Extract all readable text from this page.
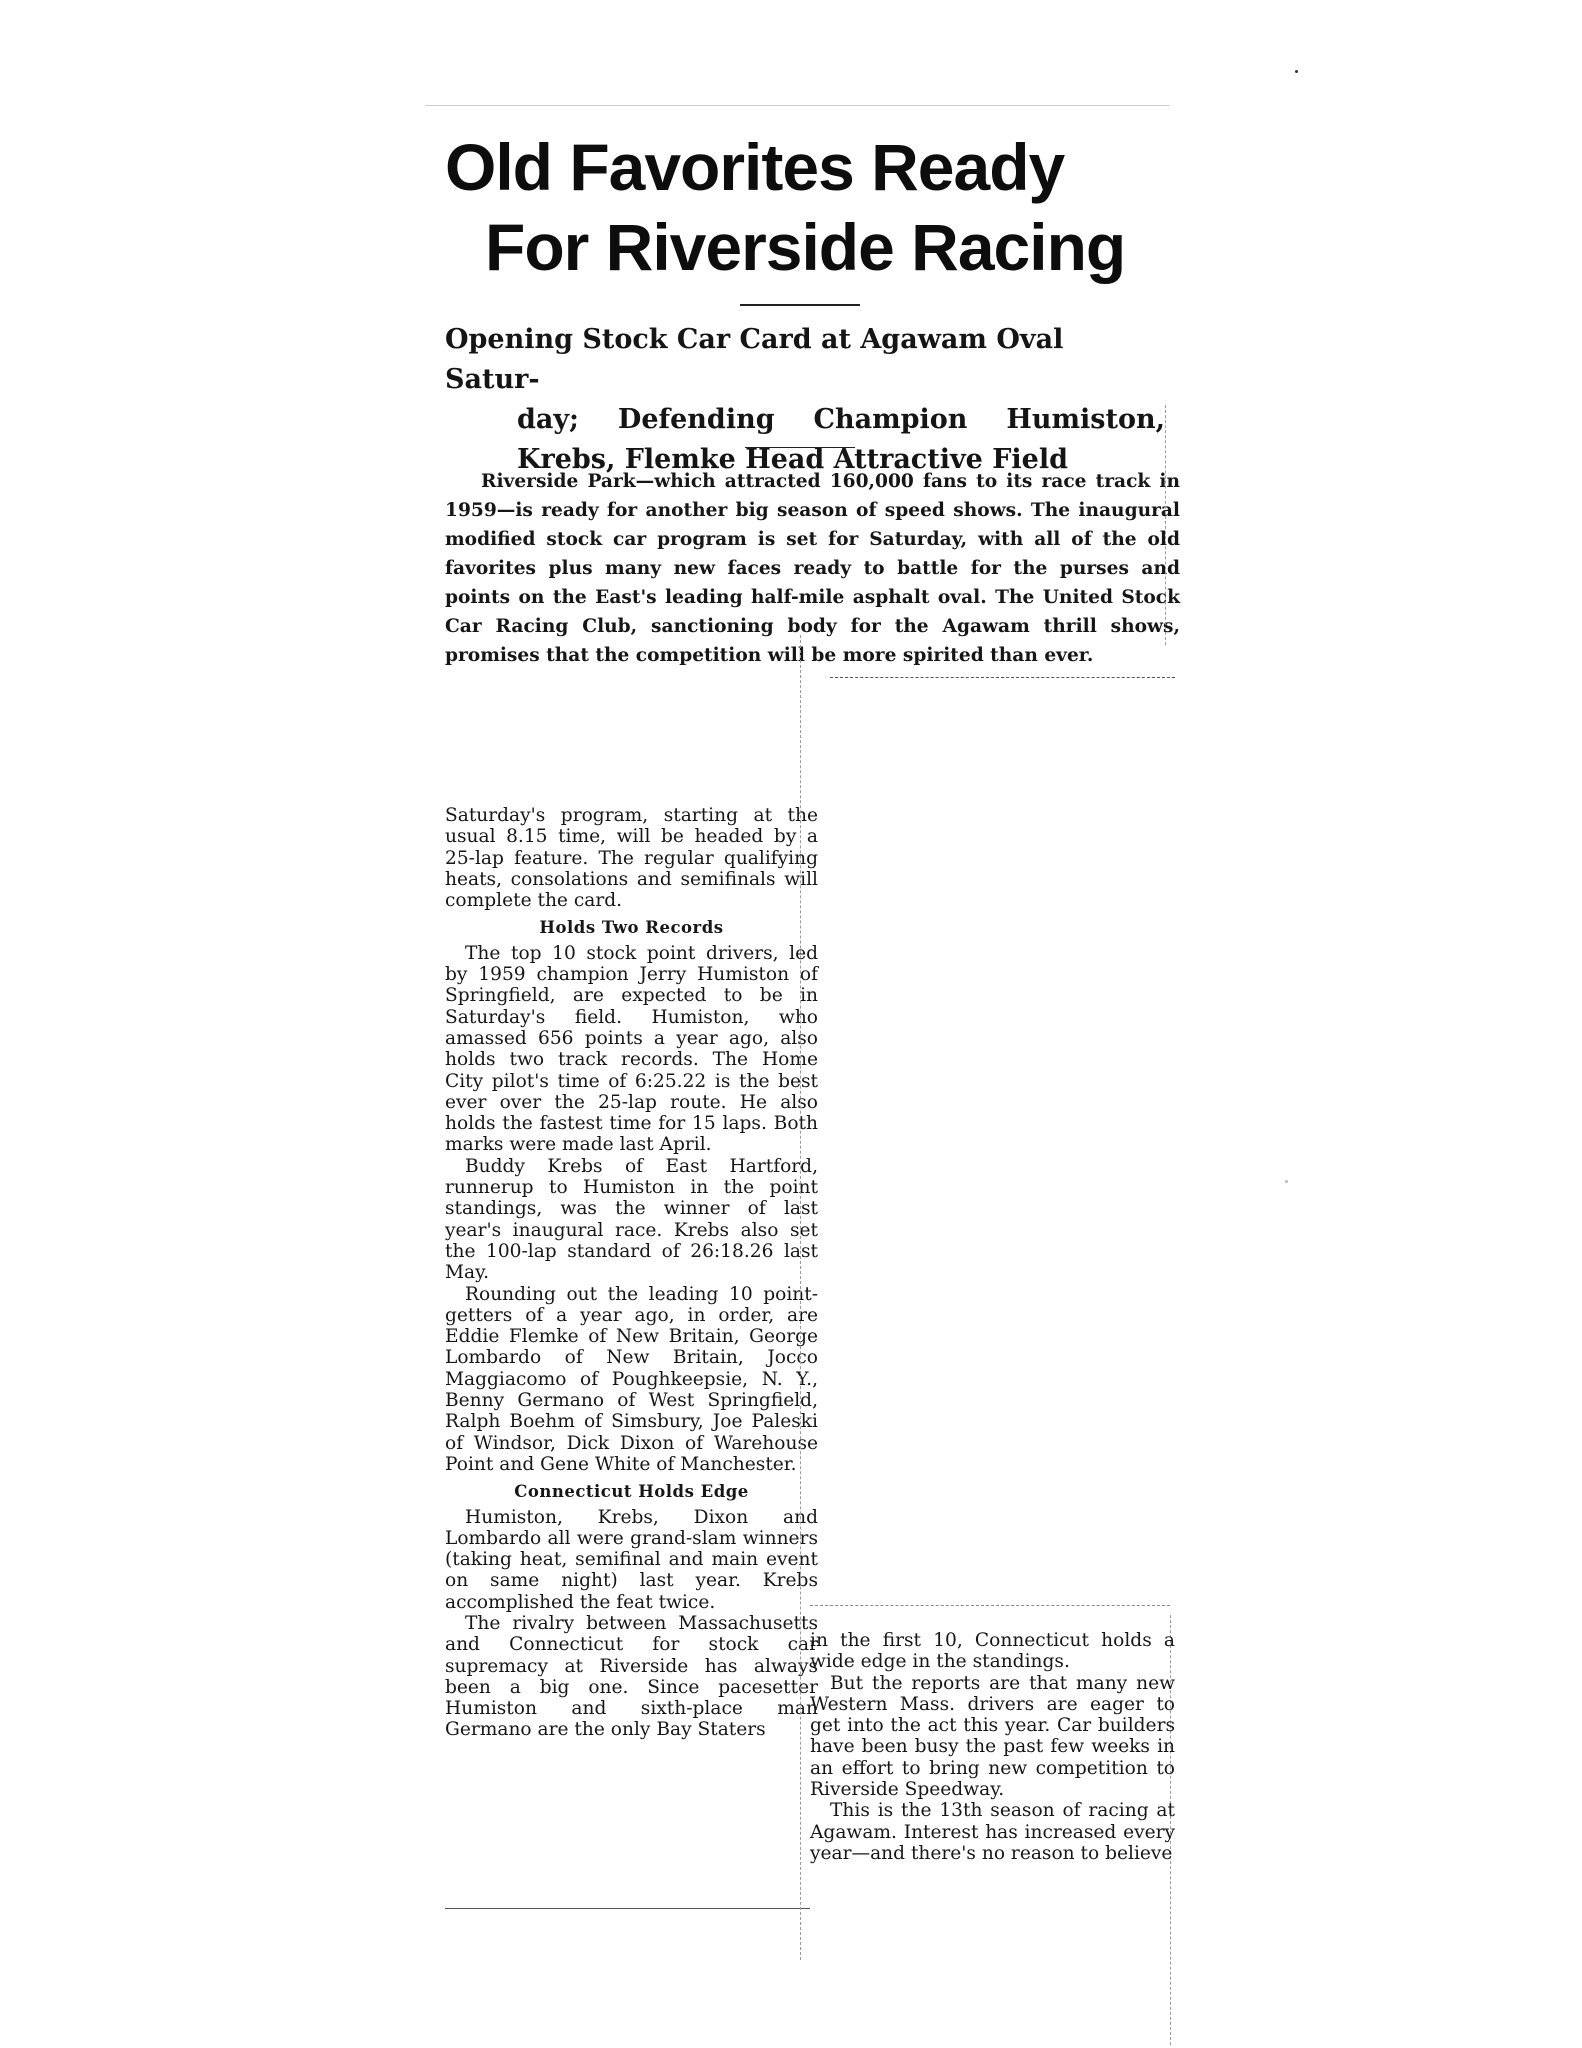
Old Favorites Ready
For Riverside Racing
Opening Stock Car Card at Agawam Oval Satur-
day; Defending Champion Humiston,
Krebs, Flemke Head Attractive Field

Riverside Park—which attracted 160,000 fans to its race track in 1959—is ready for another big season of speed shows. The inaugural modified stock car program is set for Saturday, with all of the old favorites plus many new faces ready to battle for the purses and points on the East's leading half-mile asphalt oval. The United Stock Car Racing Club, sanctioning body for the Agawam thrill shows, promises that the competition will be more spirited than ever.

Saturday's program, starting at the usual 8.15 time, will be headed by a 25-lap feature. The regular qualifying heats, consolations and semifinals will complete the card.

Holds Two Records

The top 10 stock point drivers, led by 1959 champion Jerry Humiston of Springfield, are expected to be in Saturday's field. Humiston, who amassed 656 points a year ago, also holds two track records. The Home City pilot's time of 6:25.22 is the best ever over the 25-lap route. He also holds the fastest time for 15 laps. Both marks were made last April.

Buddy Krebs of East Hartford, runnerup to Humiston in the point standings, was the winner of last year's inaugural race. Krebs also set the 100-lap standard of 26:18.26 last May.

Rounding out the leading 10 point-getters of a year ago, in order, are Eddie Flemke of New Britain, George Lombardo of New Britain, Jocco Maggiacomo of Poughkeepsie, N. Y., Benny Germano of West Springfield, Ralph Boehm of Simsbury, Joe Paleski of Windsor, Dick Dixon of Warehouse Point and Gene White of Manchester.

Connecticut Holds Edge

Humiston, Krebs, Dixon and Lombardo all were grand-slam winners (taking heat, semifinal and main event on same night) last year. Krebs accomplished the feat twice.

The rivalry between Massachusetts and Connecticut for stock car supremacy at Riverside has always been a big one. Since pacesetter Humiston and sixth-place man Germano are the only Bay Staters

in the first 10, Connecticut holds a wide edge in the standings.

But the reports are that many new Western Mass. drivers are eager to get into the act this year. Car builders have been busy the past few weeks in an effort to bring new competition to Riverside Speedway.

This is the 13th season of racing at Agawam. Interest has increased every year—and there's no reason to believe
